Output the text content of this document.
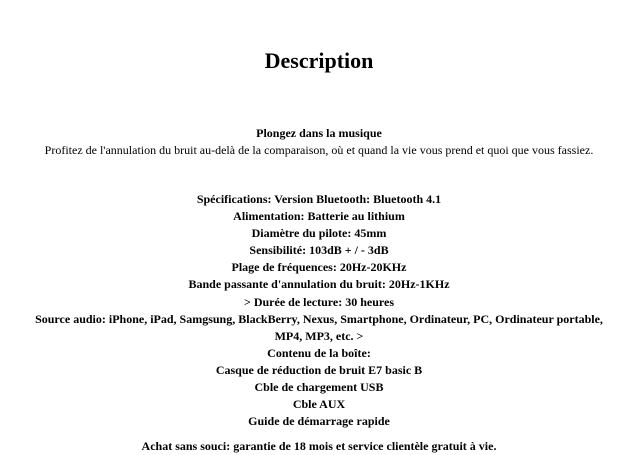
Description
Plongez dans la musique
Profitez de l'annulation du bruit au-delà de la comparaison, où et quand la vie vous prend et quoi que vous fassiez.
Spécifications: Version Bluetooth: Bluetooth 4.1
Alimentation: Batterie au lithium
Diamètre du pilote: 45mm
Sensibilité: 103dB + / - 3dB
Plage de fréquences: 20Hz-20KHz
Bande passante d'annulation du bruit: 20Hz-1KHz
> Durée de lecture: 30 heures
Source audio: iPhone, iPad, Samgsung, BlackBerry, Nexus, Smartphone, Ordinateur, PC, Ordinateur portable, MP4, MP3, etc. >
Contenu de la boîte:
Casque de réduction de bruit E7 basic B
Cble de chargement USB
Cble AUX
Guide de démarrage rapide
Achat sans souci: garantie de 18 mois et service clientèle gratuit à vie.
